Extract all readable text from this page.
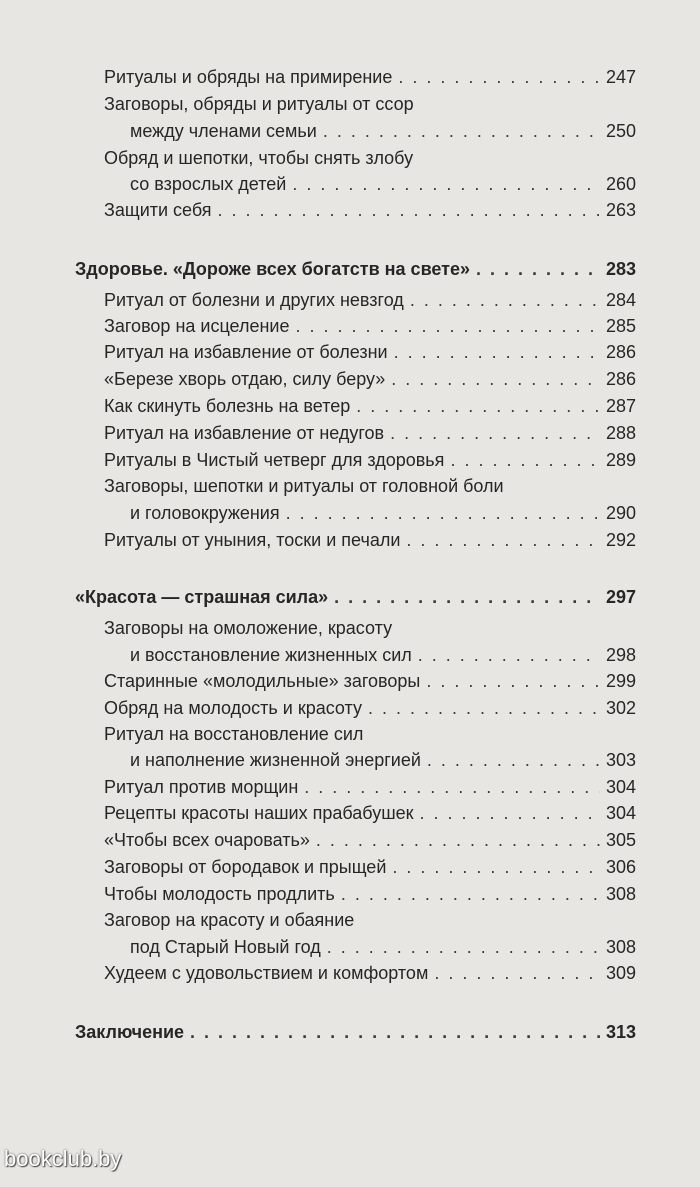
Ритуалы и обряды на примирение . . .	247
Заговоры, обряды и ритуалы от ссор
между членами семьи . . .	250
Обряд и шепотки, чтобы снять злобу
со взрослых детей . . .	260
Защити себя . . .	263
Здоровье. «Дороже всех богатств на свете» . . .	283
Ритуал от болезни и других невзгод . . .	284
Заговор на исцеление . . .	285
Ритуал на избавление от болезни . . .	286
«Березе хворь отдаю, силу беру» . . .	286
Как скинуть болезнь на ветер . . .	287
Ритуал на избавление от недугов . . .	288
Ритуалы в Чистый четверг для здоровья . . .	289
Заговоры, шепотки и ритуалы от головной боли
и головокружения . . .	290
Ритуалы от уныния, тоски и печали . . .	292
«Красота — страшная сила» . . .	297
Заговоры на омоложение, красоту
и восстановление жизненных сил . . .	298
Старинные «молодильные» заговоры . . .	299
Обряд на молодость и красоту . . .	302
Ритуал на восстановление сил
и наполнение жизненной энергией . . .	303
Ритуал против морщин . . .	304
Рецепты красоты наших прабабушек . . .	304
«Чтобы всех очаровать» . . .	305
Заговоры от бородавок и прыщей . . .	306
Чтобы молодость продлить . . .	308
Заговор на красоту и обаяние
под Старый Новый год . . .	308
Худеем с удовольствием и комфортом . . .	309
Заключение . . .	313
bookclub.by
